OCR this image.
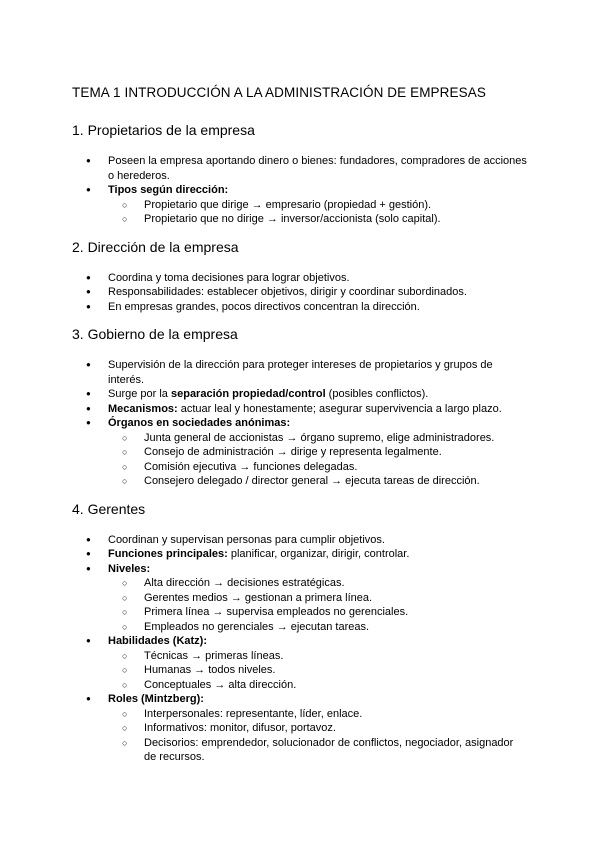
TEMA 1 INTRODUCCIÓN A LA ADMINISTRACIÓN DE EMPRESAS
1. Propietarios de la empresa
● Poseen la empresa aportando dinero o bienes: fundadores, compradores de acciones o herederos.
● Tipos según dirección:
○ Propietario que dirige → empresario (propiedad + gestión).
○ Propietario que no dirige → inversor/accionista (solo capital).
2. Dirección de la empresa
● Coordina y toma decisiones para lograr objetivos.
● Responsabilidades: establecer objetivos, dirigir y coordinar subordinados.
● En empresas grandes, pocos directivos concentran la dirección.
3. Gobierno de la empresa
● Supervisión de la dirección para proteger intereses de propietarios y grupos de interés.
● Surge por la separación propiedad/control (posibles conflictos).
● Mecanismos: actuar leal y honestamente; asegurar supervivencia a largo plazo.
● Órganos en sociedades anónimas:
○ Junta general de accionistas → órgano supremo, elige administradores.
○ Consejo de administración → dirige y representa legalmente.
○ Comisión ejecutiva → funciones delegadas.
○ Consejero delegado / director general → ejecuta tareas de dirección.
4. Gerentes
● Coordinan y supervisan personas para cumplir objetivos.
● Funciones principales: planificar, organizar, dirigir, controlar.
● Niveles:
○ Alta dirección → decisiones estratégicas.
○ Gerentes medios → gestionan a primera línea.
○ Primera línea → supervisa empleados no gerenciales.
○ Empleados no gerenciales → ejecutan tareas.
● Habilidades (Katz):
○ Técnicas → primeras líneas.
○ Humanas → todos niveles.
○ Conceptuales → alta dirección.
● Roles (Mintzberg):
○ Interpersonales: representante, líder, enlace.
○ Informativos: monitor, difusor, portavoz.
○ Decisorios: emprendedor, solucionador de conflictos, negociador, asignador de recursos.
